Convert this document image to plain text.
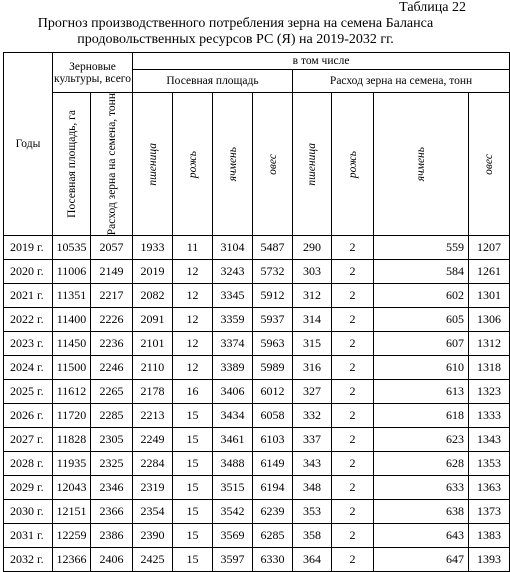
Таблица 22
Прогноз производственного потребления зерна на семена Баланса
продовольственных ресурсов РС (Я) на 2019-2032 гг.
Годы	Зерновые культуры, всего		в том числе							
			Посевная площадь				Расход зерна на семена, тонн			

	Посевная площадь, га	Расход зерна на семена, тонн	пшеница	рожь	ячмень	овес	пшеница	рожь	ячмень	овес

2019 г.	10535	2057	1933	11	3104	5487	290	2	559	1207
2020 г.	11006	2149	2019	12	3243	5732	303	2	584	1261
2021 г.	11351	2217	2082	12	3345	5912	312	2	602	1301
2022 г.	11400	2226	2091	12	3359	5937	314	2	605	1306
2023 г.	11450	2236	2101	12	3374	5963	315	2	607	1312
2024 г.	11500	2246	2110	12	3389	5989	316	2	610	1318
2025 г.	11612	2265	2178	16	3406	6012	327	2	613	1323
2026 г.	11720	2285	2213	15	3434	6058	332	2	618	1333
2027 г.	11828	2305	2249	15	3461	6103	337	2	623	1343
2028 г.	11935	2325	2284	15	3488	6149	343	2	628	1353
2029 г.	12043	2346	2319	15	3515	6194	348	2	633	1363
2030 г.	12151	2366	2354	15	3542	6239	353	2	638	1373
2031 г.	12259	2386	2390	15	3569	6285	358	2	643	1383
2032 г.	12366	2406	2425	15	3597	6330	364	2	647	1393
